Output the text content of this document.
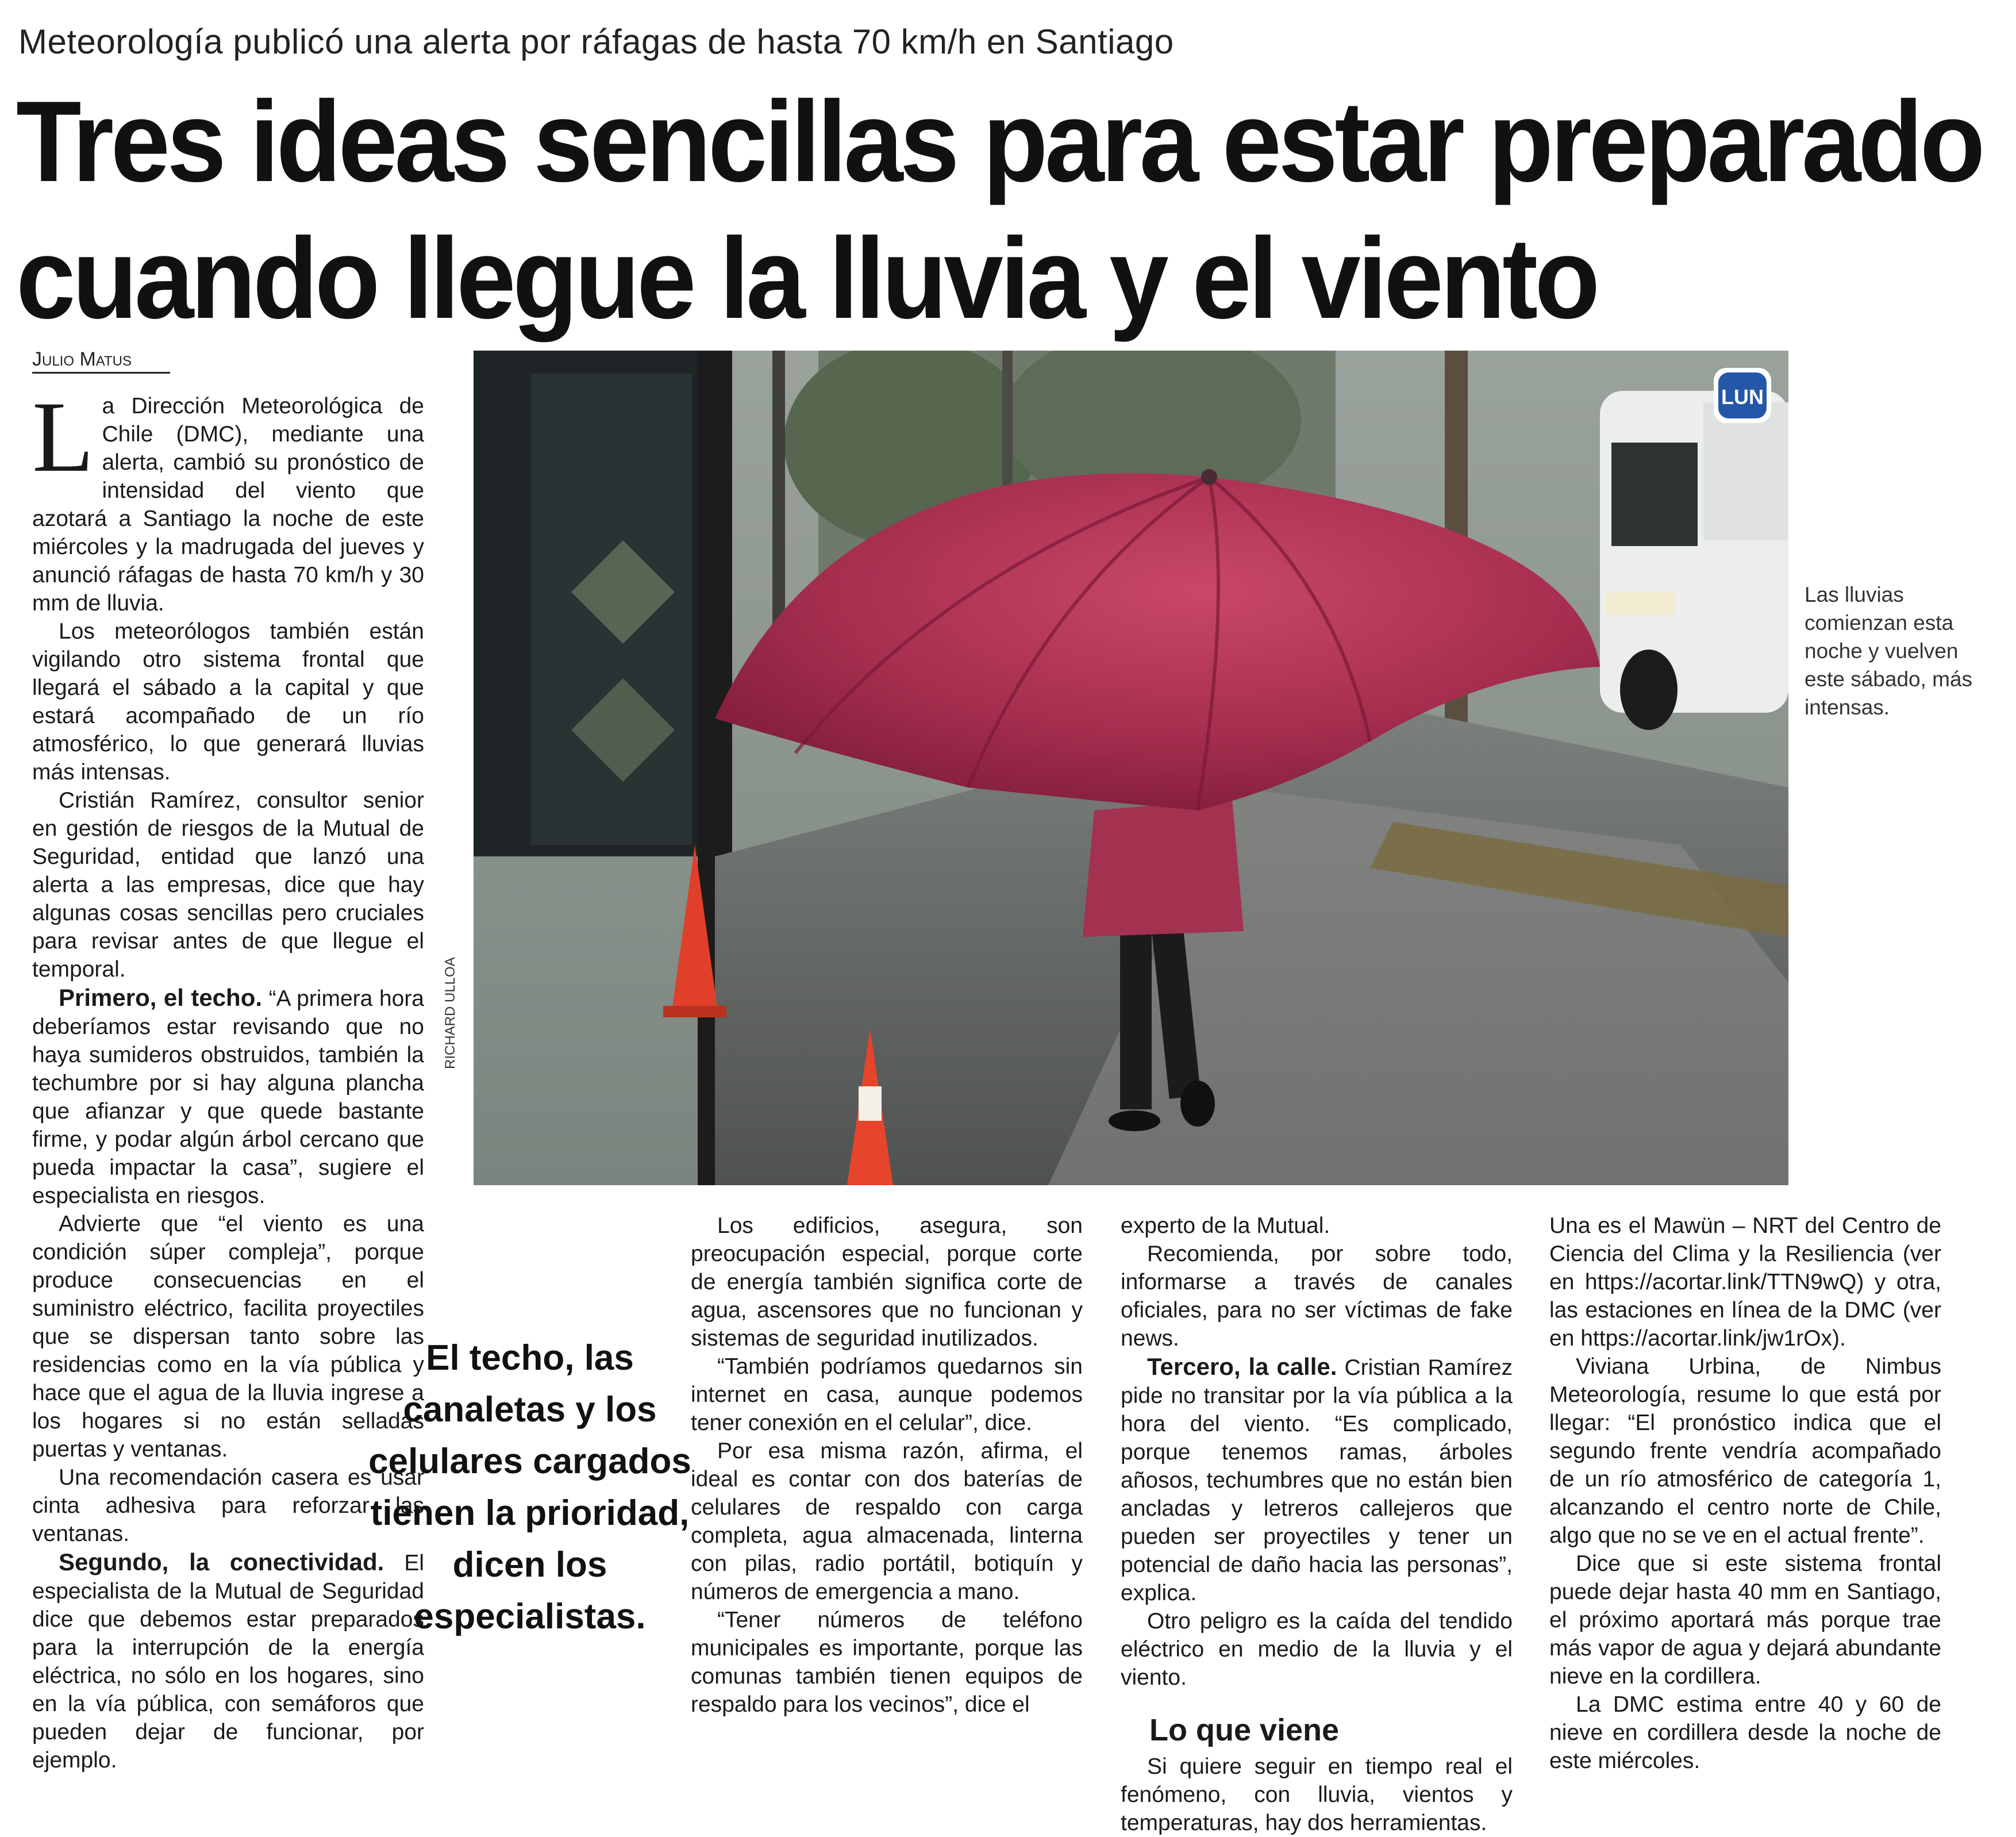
Meteorología publicó una alerta por ráfagas de hasta 70 km/h en Santiago
Tres ideas sencillas para estar preparado
cuando llegue la lluvia y el viento
Julio Matus
LUN
RICHARD ULLOA
Las lluvias comienzan esta noche y vuelven este sábado, más intensas.

La Dirección Meteorológica de Chile (DMC), mediante una alerta, cambió su pronóstico de intensidad del viento que azotará a Santiago la noche de este miércoles y la madrugada del jueves y anunció ráfagas de hasta 70 km/h y 30 mm de lluvia.

Los meteorólogos también están vigilando otro sistema frontal que llegará el sábado a la capital y que estará acompañado de un río atmosférico, lo que generará lluvias más intensas.

Cristián Ramírez, consultor senior en gestión de riesgos de la Mutual de Seguridad, entidad que lanzó una alerta a las empresas, dice que hay algunas cosas sencillas pero cruciales para revisar antes de que llegue el temporal.

Primero, el techo. “A primera hora deberíamos estar revisando que no haya sumideros obstruidos, también la techumbre por si hay alguna plancha que afianzar y que quede bastante firme, y podar algún árbol cercano que pueda impactar la casa”, sugiere el especialista en riesgos.

Advierte que “el viento es una condición súper compleja”, porque produce consecuencias en el suministro eléctrico, facilita proyectiles que se dispersan tanto sobre las residencias como en la vía pública y hace que el agua de la lluvia ingrese a los hogares si no están selladas puertas y ventanas.

Una recomendación casera es usar cinta adhesiva para reforzar las ventanas.

Segundo, la conectividad. El especialista de la Mutual de Seguridad dice que debemos estar preparados para la interrupción de la energía eléctrica, no sólo en los hogares, sino en la vía pública, con semáforos que pueden dejar de funcionar, por ejemplo.

El techo, las canaletas y los celulares cargados tienen la prioridad, dicen los especialistas.

Los edificios, asegura, son preocupación especial, porque corte de energía también significa corte de agua, ascensores que no funcionan y sistemas de seguridad inutilizados.

“También podríamos quedarnos sin internet en casa, aunque podemos tener conexión en el celular”, dice.

Por esa misma razón, afirma, el ideal es contar con dos baterías de celulares de respaldo con carga completa, agua almacenada, linterna con pilas, radio portátil, botiquín y números de emergencia a mano.

“Tener números de teléfono municipales es importante, porque las comunas también tienen equipos de respaldo para los vecinos”, dice el

experto de la Mutual.

Recomienda, por sobre todo, informarse a través de canales oficiales, para no ser víctimas de fake news.

Tercero, la calle. Cristian Ramírez pide no transitar por la vía pública a la hora del viento. “Es complicado, porque tenemos ramas, árboles añosos, techumbres que no están bien ancladas y letreros callejeros que pueden ser proyectiles y tener un potencial de daño hacia las personas”, explica.

Otro peligro es la caída del tendido eléctrico en medio de la lluvia y el viento.

Lo que viene

Si quiere seguir en tiempo real el fenómeno, con lluvia, vientos y temperaturas, hay dos herramientas.

Una es el Mawün – NRT del Centro de Ciencia del Clima y la Resiliencia (ver en https://acortar.link/TTN9wQ) y otra, las estaciones en línea de la DMC (ver en https://acortar.link/jw1rOx).

Viviana Urbina, de Nimbus Meteorología, resume lo que está por llegar: “El pronóstico indica que el segundo frente vendría acompañado de un río atmosférico de categoría 1, alcanzando el centro norte de Chile, algo que no se ve en el actual frente”.

Dice que si este sistema frontal puede dejar hasta 40 mm en Santiago, el próximo aportará más porque trae más vapor de agua y dejará abundante nieve en la cordillera.

La DMC estima entre 40 y 60 de nieve en cordillera desde la noche de este miércoles.
